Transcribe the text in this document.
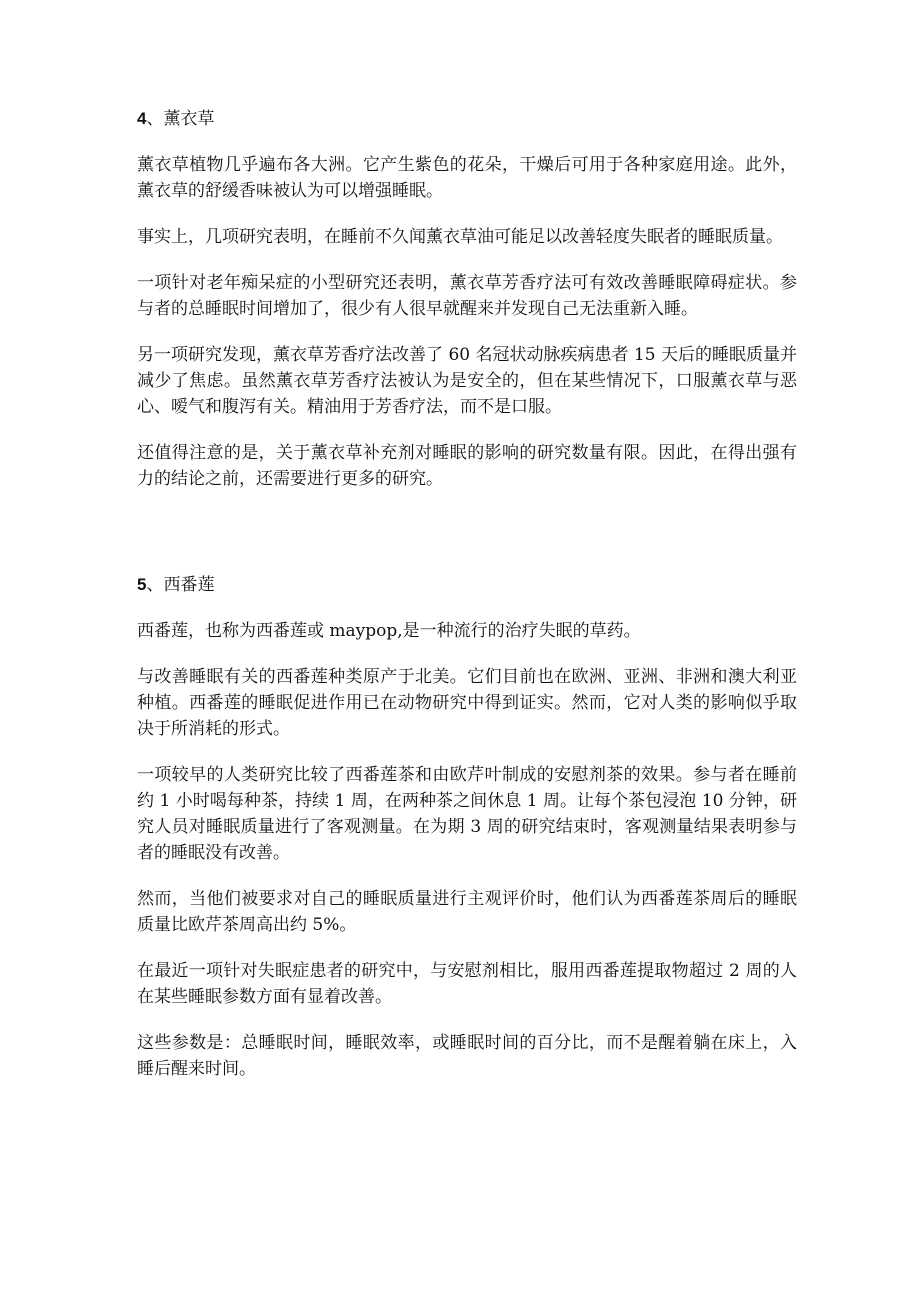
4、薰衣草

薰衣草植物几乎遍布各大洲。它产生紫色的花朵，干燥后可用于各种家庭用途。此外，薰衣草的舒缓香味被认为可以增强睡眠。

事实上，几项研究表明，在睡前不久闻薰衣草油可能足以改善轻度失眠者的睡眠质量。

一项针对老年痴呆症的小型研究还表明，薰衣草芳香疗法可有效改善睡眠障碍症状。参与者的总睡眠时间增加了，很少有人很早就醒来并发现自己无法重新入睡。

另一项研究发现，薰衣草芳香疗法改善了 60 名冠状动脉疾病患者 15 天后的睡眠质量并减少了焦虑。虽然薰衣草芳香疗法被认为是安全的，但在某些情况下，口服薰衣草与恶心、嗳气和腹泻有关。精油用于芳香疗法，而不是口服。

还值得注意的是，关于薰衣草补充剂对睡眠的影响的研究数量有限。因此，在得出强有力的结论之前，还需要进行更多的研究。

5、西番莲

西番莲，也称为西番莲或 maypop,是一种流行的治疗失眠的草药。

与改善睡眠有关的西番莲种类原产于北美。它们目前也在欧洲、亚洲、非洲和澳大利亚种植。西番莲的睡眠促进作用已在动物研究中得到证实。然而，它对人类的影响似乎取决于所消耗的形式。

一项较早的人类研究比较了西番莲茶和由欧芹叶制成的安慰剂茶的效果。参与者在睡前约 1 小时喝每种茶，持续 1 周，在两种茶之间休息 1 周。让每个茶包浸泡 10 分钟，研究人员对睡眠质量进行了客观测量。在为期 3 周的研究结束时，客观测量结果表明参与者的睡眠没有改善。

然而，当他们被要求对自己的睡眠质量进行主观评价时，他们认为西番莲茶周后的睡眠质量比欧芹茶周高出约 5%。

在最近一项针对失眠症患者的研究中，与安慰剂相比，服用西番莲提取物超过 2 周的人在某些睡眠参数方面有显着改善。

这些参数是：总睡眠时间，睡眠效率，或睡眠时间的百分比，而不是醒着躺在床上，入睡后醒来时间。
